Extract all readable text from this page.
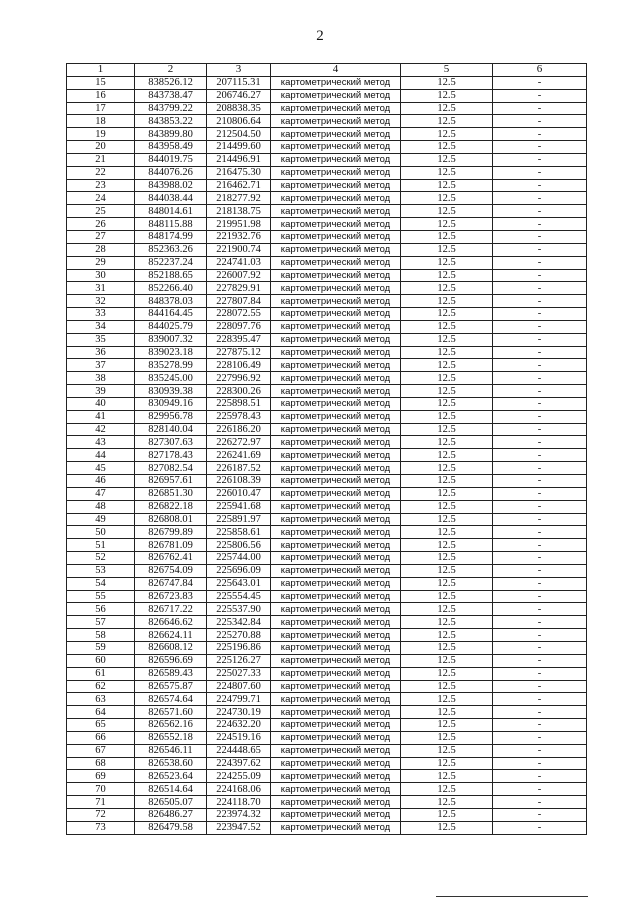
2
1	2	3	4	5	6
15	838526.12	207115.31	картометрический метод	12.5	-
16	843738.47	206746.27	картометрический метод	12.5	-
17	843799.22	208838.35	картометрический метод	12.5	-
18	843853.22	210806.64	картометрический метод	12.5	-
19	843899.80	212504.50	картометрический метод	12.5	-
20	843958.49	214499.60	картометрический метод	12.5	-
21	844019.75	214496.91	картометрический метод	12.5	-
22	844076.26	216475.30	картометрический метод	12.5	-
23	843988.02	216462.71	картометрический метод	12.5	-
24	844038.44	218277.92	картометрический метод	12.5	-
25	848014.61	218138.75	картометрический метод	12.5	-
26	848115.88	219951.98	картометрический метод	12.5	-
27	848174.99	221932.76	картометрический метод	12.5	-
28	852363.26	221900.74	картометрический метод	12.5	-
29	852237.24	224741.03	картометрический метод	12.5	-
30	852188.65	226007.92	картометрический метод	12.5	-
31	852266.40	227829.91	картометрический метод	12.5	-
32	848378.03	227807.84	картометрический метод	12.5	-
33	844164.45	228072.55	картометрический метод	12.5	-
34	844025.79	228097.76	картометрический метод	12.5	-
35	839007.32	228395.47	картометрический метод	12.5	-
36	839023.18	227875.12	картометрический метод	12.5	-
37	835278.99	228106.49	картометрический метод	12.5	-
38	835245.00	227996.92	картометрический метод	12.5	-
39	830939.38	228300.26	картометрический метод	12.5	-
40	830949.16	225898.51	картометрический метод	12.5	-
41	829956.78	225978.43	картометрический метод	12.5	-
42	828140.04	226186.20	картометрический метод	12.5	-
43	827307.63	226272.97	картометрический метод	12.5	-
44	827178.43	226241.69	картометрический метод	12.5	-
45	827082.54	226187.52	картометрический метод	12.5	-
46	826957.61	226108.39	картометрический метод	12.5	-
47	826851.30	226010.47	картометрический метод	12.5	-
48	826822.18	225941.68	картометрический метод	12.5	-
49	826808.01	225891.97	картометрический метод	12.5	-
50	826799.89	225858.61	картометрический метод	12.5	-
51	826781.09	225806.56	картометрический метод	12.5	-
52	826762.41	225744.00	картометрический метод	12.5	-
53	826754.09	225696.09	картометрический метод	12.5	-
54	826747.84	225643.01	картометрический метод	12.5	-
55	826723.83	225554.45	картометрический метод	12.5	-
56	826717.22	225537.90	картометрический метод	12.5	-
57	826646.62	225342.84	картометрический метод	12.5	-
58	826624.11	225270.88	картометрический метод	12.5	-
59	826608.12	225196.86	картометрический метод	12.5	-
60	826596.69	225126.27	картометрический метод	12.5	-
61	826589.43	225027.33	картометрический метод	12.5	-
62	826575.87	224807.60	картометрический метод	12.5	-
63	826574.64	224799.71	картометрический метод	12.5	-
64	826571.60	224730.19	картометрический метод	12.5	-
65	826562.16	224632.20	картометрический метод	12.5	-
66	826552.18	224519.16	картометрический метод	12.5	-
67	826546.11	224448.65	картометрический метод	12.5	-
68	826538.60	224397.62	картометрический метод	12.5	-
69	826523.64	224255.09	картометрический метод	12.5	-
70	826514.64	224168.06	картометрический метод	12.5	-
71	826505.07	224118.70	картометрический метод	12.5	-
72	826486.27	223974.32	картометрический метод	12.5	-
73	826479.58	223947.52	картометрический метод	12.5	-
